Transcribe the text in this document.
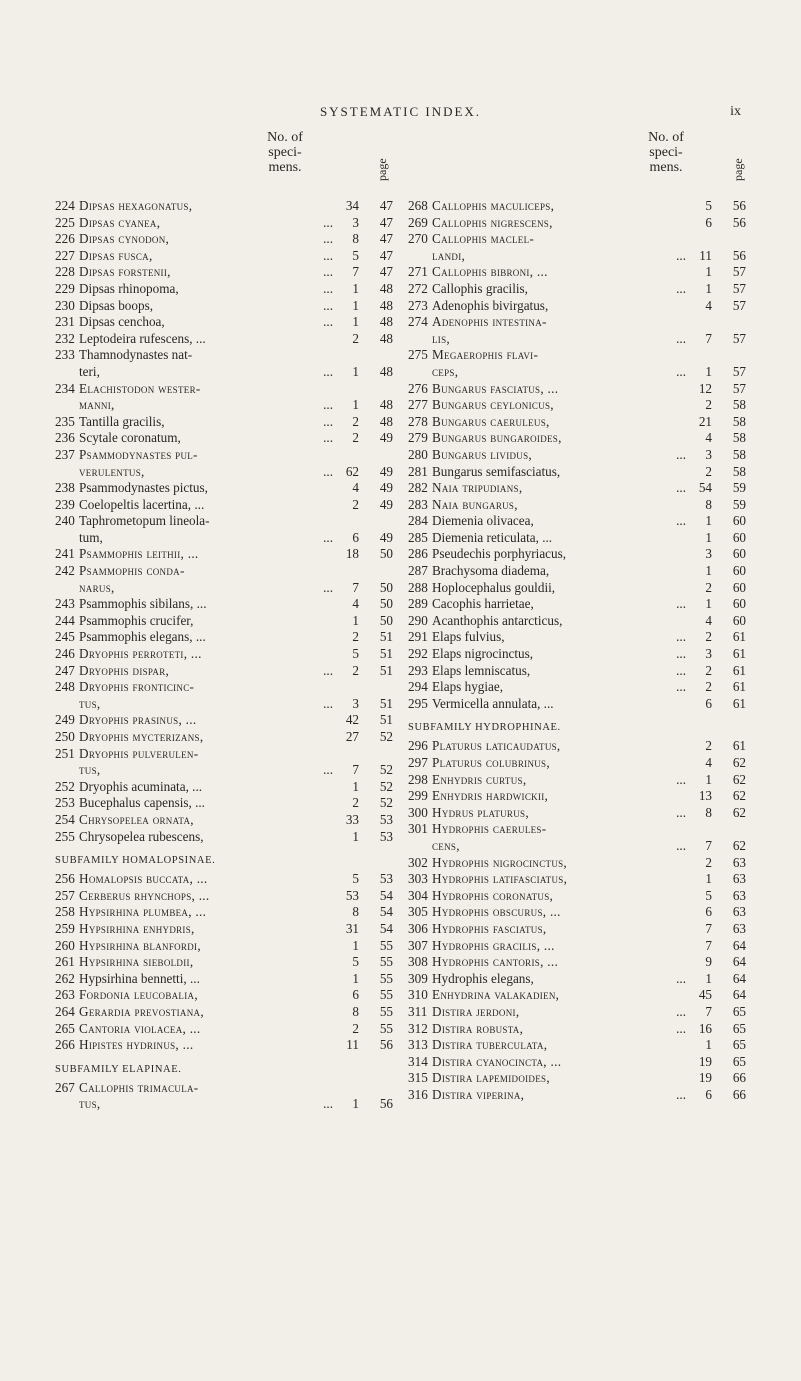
SYSTEMATIC INDEX.	ix
No. of
speci-
mens.	page
224 Dipsas hexagonatus,	34 47
225 Dipsas cyanea,	... 3 47
226 Dipsas cynodon,	... 8 47
227 Dipsas fusca,	... 5 47
228 Dipsas forstenii,	... 7 47
229 Dipsas rhinopoma,	... 1 48
230 Dipsas boops,	... 1 48
231 Dipsas cenchoa,	... 1 48
232 Leptodeira rufescens, ...	2 48
233 Thamnodynastes nat-
teri,	... 1 48
234 Elachistodon wester-
manni,	... 1 48
235 Tantilla gracilis,	... 2 48
236 Scytale coronatum,	... 2 49
237 Psammodynastes pul-
verulentus,	... 62 49
238 Psammodynastes pictus,	4 49
239 Coelopeltis lacertina, ...	2 49
240 Taphrometopum lineola-
tum,	... 6 49
241 Psammophis leithii, ...	18 50
242 Psammophis conda-
narus,	... 7 50
243 Psammophis sibilans, ...	4 50
244 Psammophis crucifer,	1 50
245 Psammophis elegans, ...	2 51
246 Dryophis perroteti, ...	5 51
247 Dryophis dispar,	... 2 51
248 Dryophis fronticinc-
tus,	... 3 51
249 Dryophis prasinus, ...	42 51
250 Dryophis mycterizans,	27 52
251 Dryophis pulverulen-
tus,	... 7 52
252 Dryophis acuminata, ...	1 52
253 Bucephalus capensis, ...	2 52
254 Chrysopelea ornata,	33 53
255 Chrysopelea rubescens,	1 53
SUBFAMILY HOMALOPSINAE.
256 Homalopsis buccata, ...	5 53
257 Cerberus rhynchops, ...	53 54
258 Hypsirhina plumbea, ...	8 54
259 Hypsirhina enhydris,	31 54
260 Hypsirhina blanfordi,	1 55
261 Hypsirhina sieboldii,	5 55
262 Hypsirhina bennetti, ...	1 55
263 Fordonia leucobalia,	6 55
264 Gerardia prevostiana,	8 55
265 Cantoria violacea, ...	2 55
266 Hipistes hydrinus, ...	11 56
SUBFAMILY ELAPINAE.
267 Callophis trimacula-
tus,	... 1 56
No. of
speci-
mens.	page
268 Callophis maculiceps,	5 56
269 Callophis nigrescens,	6 56
270 Callophis maclel-
landi,	... 11 56
271 Callophis bibroni, ...	1 57
272 Callophis gracilis,	... 1 57
273 Adenophis bivirgatus,	4 57
274 Adenophis intestina-
lis,	... 7 57
275 Megaerophis flavi-
ceps,	... 1 57
276 Bungarus fasciatus, ...	12 57
277 Bungarus ceylonicus,	2 58
278 Bungarus caeruleus,	21 58
279 Bungarus bungaroides,	4 58
280 Bungarus lividus,	... 3 58
281 Bungarus semifasciatus,	2 58
282 Naia tripudians,	... 54 59
283 Naia bungarus,	8 59
284 Diemenia olivacea,	... 1 60
285 Diemenia reticulata, ...	1 60
286 Pseudechis porphyriacus,	3 60
287 Brachysoma diadema,	1 60
288 Hoplocephalus gouldii,	2 60
289 Cacophis harrietae,	... 1 60
290 Acanthophis antarcticus,	4 60
291 Elaps fulvius,	... 2 61
292 Elaps nigrocinctus,	... 3 61
293 Elaps lemniscatus,	... 2 61
294 Elaps hygiae,	... 2 61
295 Vermicella annulata, ...	6 61
SUBFAMILY HYDROPHINAE.
296 Platurus laticaudatus,	2 61
297 Platurus colubrinus,	4 62
298 Enhydris curtus,	... 1 62
299 Enhydris hardwickii,	13 62
300 Hydrus platurus,	... 8 62
301 Hydrophis caerules-
cens,	... 7 62
302 Hydrophis nigrocinctus,	2 63
303 Hydrophis latifasciatus,	1 63
304 Hydrophis coronatus,	5 63
305 Hydrophis obscurus, ...	6 63
306 Hydrophis fasciatus,	7 63
307 Hydrophis gracilis, ...	7 64
308 Hydrophis cantoris, ...	9 64
309 Hydrophis elegans,	... 1 64
310 Enhydrina valakadien,	45 64
311 Distira jerdoni,	... 7 65
312 Distira robusta,	... 16 65
313 Distira tuberculata,	1 65
314 Distira cyanocincta, ...	19 65
315 Distira lapemidoides,	19 66
316 Distira viperina,	... 6 66
